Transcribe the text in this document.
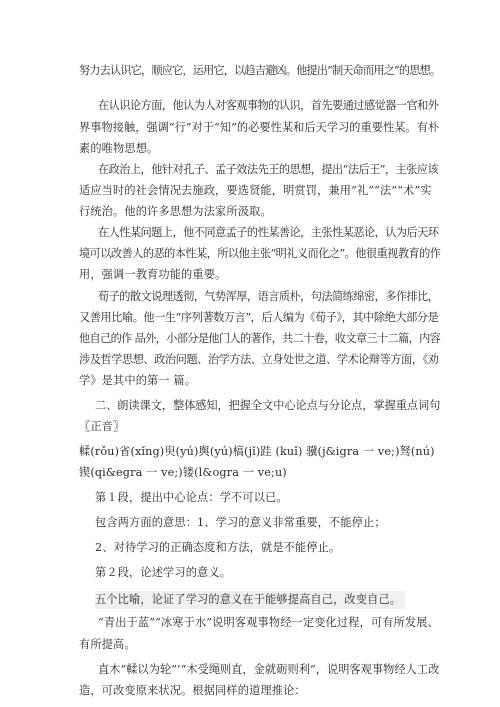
努力去认识它，顺应它，运用它，以趋吉避凶。他提出“制天命而用之”的思想。
在认识论方面，他认为人对客观事物的认识，首先要通过感觉器一官和外
界事物接触，强调“行”对于“知”的必要性某和后天学习的重要性某。有朴
素的唯物思想。
在政治上，他针对孔子、孟子效法先王的思想，提出“法后王”，主张应该
适应当时的社会情况去施政，要选贤能，明赏罚，兼用“礼”“法”“术”实
行统治。他的许多思想为法家所汲取。
在人性某问题上，他不同意孟子的性某善论，主张性某恶论，认为后天环
境可以改善人的恶的本性某，所以他主张“明礼义而化之”。他很重视教育的作
用，强调一教育功能的重要。
荀子的散文说理透彻，气势浑厚，语言质朴，句法简练绵密，多作排比，
又善用比喻。他一生“序列著数万言”，后人编为《荀子》，其中除绝大部分是
他自己的作 品外，小部分是他门人的著作，共二十卷，收文章三十二篇，内容
涉及哲学思想、政治问题、治学方法、立身处世之道、学术论辩等方面，《劝
学》是其中的第一 篇。
二、朗读课文，整体感知，把握全文中心论点与分论点，掌握重点词句
〖正音〗
輮(rǒu)省(xǐng)臾(yú)舆(yú)槁(jǐ)跬 (kuǐ) 骥(j&igra 一 ve;)驽(nú)
锲(qi&egra 一 ve;)镂(l&ogra 一 ve;u)
第１段，提出中心论点：学不可以已。
包含两方面的意思：1、学习的意义非常重要，不能停止；
2、对待学习的正确态度和方法，就是不能停止。
第２段，论述学习的意义。
五个比喻，论证了学习的意义在于能够提高自己，改变自己。
“青出于蓝”“冰寒于水”说明客观事物经一定变化过程，可有所发展、
有所提高。
直木“輮以为轮”’“木受绳则直，金就砺则利”，说明客观事物经人工改
造，可改变原来状况。根据同样的道理推论：
